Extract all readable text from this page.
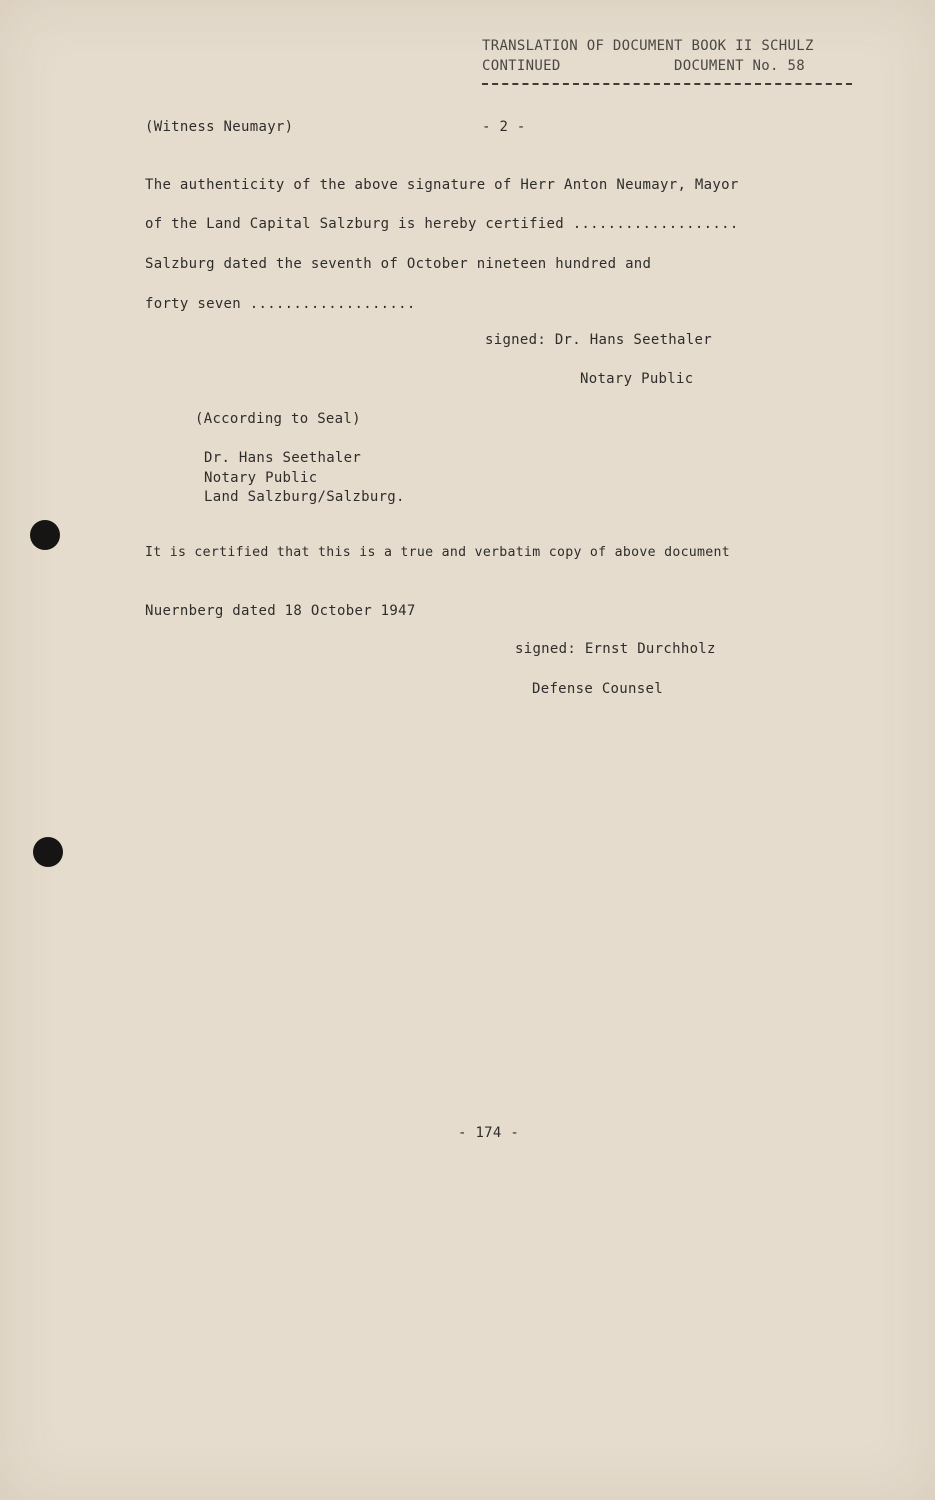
TRANSLATION OF DOCUMENT BOOK II SCHULZ
CONTINUED	DOCUMENT No. 58
(Witness Neumayr)	- 2 -
The authenticity of the above signature of Herr Anton Neumayr, Mayor
of the Land Capital Salzburg is hereby certified ...................
Salzburg dated the seventh of October nineteen hundred and
forty seven ...................
signed: Dr. Hans Seethaler
Notary Public
(According to Seal)
Dr. Hans Seethaler
Notary Public
Land Salzburg/Salzburg.
It is certified that this is a true and verbatim copy of above document
Nuernberg dated 18 October 1947
signed: Ernst Durchholz
Defense Counsel
- 174 -
